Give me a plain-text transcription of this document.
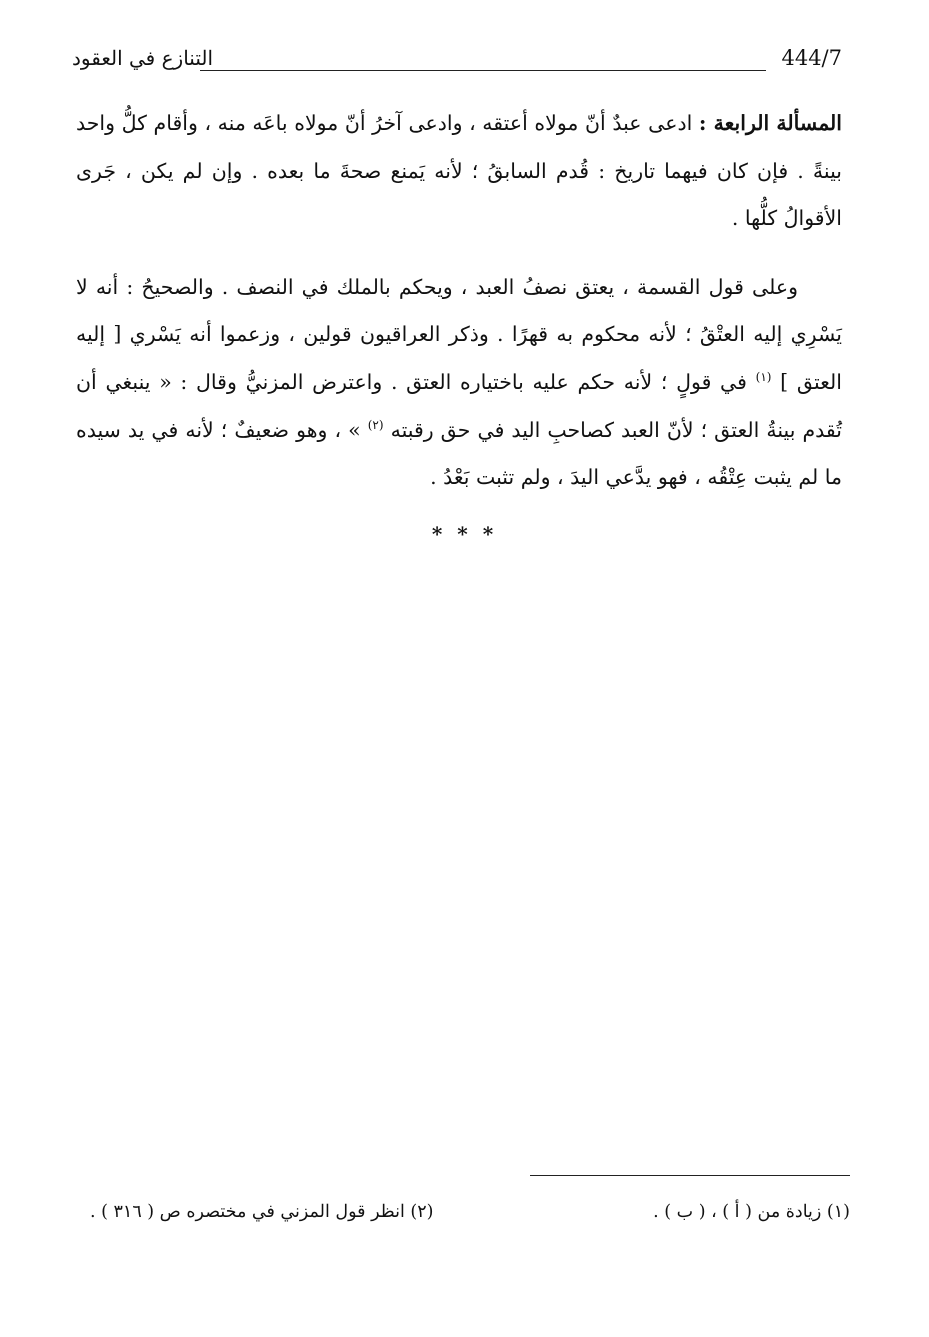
التنازع في العقود	444/7

المسألة الرابعة : ادعى عبدٌ أنّ مولاه أعتقه ، وادعى آخرُ أنّ مولاه باعَه منه ، وأقام كلُّ واحد بينةً . فإن كان فيهما تاريخ : قُدم السابقُ ؛ لأنه يَمنع صحةَ ما بعده . وإن لم يكن ، جَرى الأقوالُ كلُّها .

وعلى قول القسمة ، يعتق نصفُ العبد ، ويحكم بالملك في النصف . والصحيحُ : أنه لا يَسْرِي إليه العتْقُ ؛ لأنه محكوم به قهرًا . وذكر العراقيون قولين ، وزعموا أنه يَسْري [ إليه العتق ] $^{(١)}$ في قولٍ ؛ لأنه حكم عليه باختياره العتق . واعترض المزنيُّ وقال : « ينبغي أن تُقدم بينةُ العتق ؛ لأنّ العبد كصاحبِ اليد في حق رقبته $^{(٢)}$ » ، وهو ضعيفٌ ؛ لأنه في يد سيده ما لم يثبت عِتْقُه ، فهو يدَّعي اليدَ ، ولم تثبت بَعْدُ .

* * *
(١) زيادة من ( أ ) ، ( ب ) .
(٢) انظر قول المزني في مختصره ص ( ٣١٦ ) .
